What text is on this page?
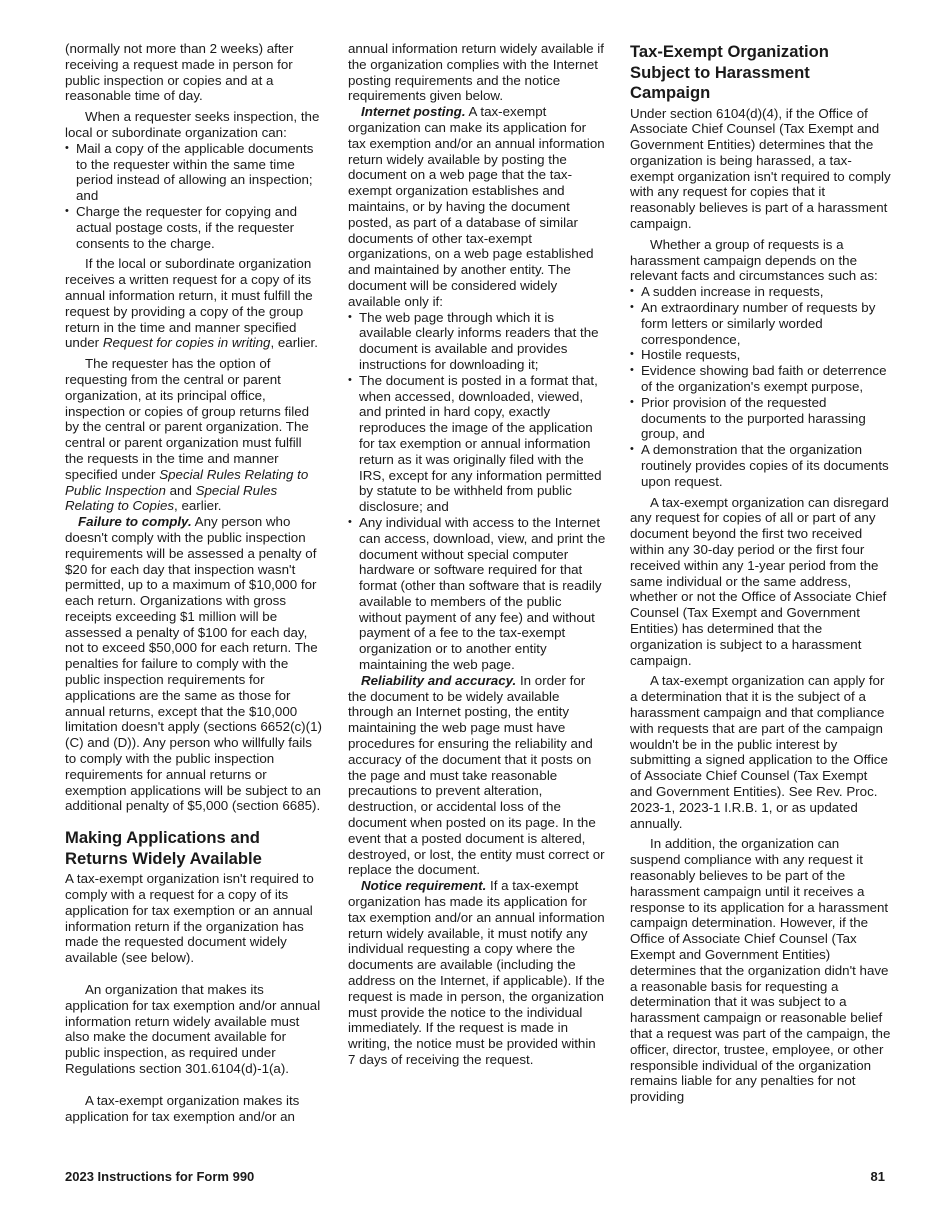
(normally not more than 2 weeks) after receiving a request made in person for public inspection or copies and at a reasonable time of day.

When a requester seeks inspection, the local or subordinate organization can:

• Mail a copy of the applicable documents to the requester within the same time period instead of allowing an inspection; and
• Charge the requester for copying and actual postage costs, if the requester consents to the charge.

If the local or subordinate organization receives a written request for a copy of its annual information return, it must fulfill the request by providing a copy of the group return in the time and manner specified under Request for copies in writing, earlier.

The requester has the option of requesting from the central or parent organization, at its principal office, inspection or copies of group returns filed by the central or parent organization. The central or parent organization must fulfill the requests in the time and manner specified under Special Rules Relating to Public Inspection and Special Rules Relating to Copies, earlier.

Failure to comply. Any person who doesn't comply with the public inspection requirements will be assessed a penalty of $20 for each day that inspection wasn't permitted, up to a maximum of $10,000 for each return. Organizations with gross receipts exceeding $1 million will be assessed a penalty of $100 for each day, not to exceed $50,000 for each return. The penalties for failure to comply with the public inspection requirements for applications are the same as those for annual returns, except that the $10,000 limitation doesn't apply (sections 6652(c)(1)(C) and (D)). Any person who willfully fails to comply with the public inspection requirements for annual returns or exemption applications will be subject to an additional penalty of $5,000 (section 6685).

Making Applications and Returns Widely Available

A tax-exempt organization isn't required to comply with a request for a copy of its application for tax exemption or an annual information return if the organization has made the requested document widely available (see below).

An organization that makes its application for tax exemption and/or annual information return widely available must also make the document available for public inspection, as required under Regulations section 301.6104(d)-1(a).

A tax-exempt organization makes its application for tax exemption and/or an

annual information return widely available if the organization complies with the Internet posting requirements and the notice requirements given below.

Internet posting. A tax-exempt organization can make its application for tax exemption and/or an annual information return widely available by posting the document on a web page that the tax-exempt organization establishes and maintains, or by having the document posted, as part of a database of similar documents of other tax-exempt organizations, on a web page established and maintained by another entity. The document will be considered widely available only if:

• The web page through which it is available clearly informs readers that the document is available and provides instructions for downloading it;
• The document is posted in a format that, when accessed, downloaded, viewed, and printed in hard copy, exactly reproduces the image of the application for tax exemption or annual information return as it was originally filed with the IRS, except for any information permitted by statute to be withheld from public disclosure; and
• Any individual with access to the Internet can access, download, view, and print the document without special computer hardware or software required for that format (other than software that is readily available to members of the public without payment of any fee) and without payment of a fee to the tax-exempt organization or to another entity maintaining the web page.

Reliability and accuracy. In order for the document to be widely available through an Internet posting, the entity maintaining the web page must have procedures for ensuring the reliability and accuracy of the document that it posts on the page and must take reasonable precautions to prevent alteration, destruction, or accidental loss of the document when posted on its page. In the event that a posted document is altered, destroyed, or lost, the entity must correct or replace the document.

Notice requirement. If a tax-exempt organization has made its application for tax exemption and/or an annual information return widely available, it must notify any individual requesting a copy where the documents are available (including the address on the Internet, if applicable). If the request is made in person, the organization must provide the notice to the individual immediately. If the request is made in writing, the notice must be provided within 7 days of receiving the request.

Tax-Exempt Organization Subject to Harassment Campaign

Under section 6104(d)(4), if the Office of Associate Chief Counsel (Tax Exempt and Government Entities) determines that the organization is being harassed, a tax-exempt organization isn't required to comply with any request for copies that it reasonably believes is part of a harassment campaign.

Whether a group of requests is a harassment campaign depends on the relevant facts and circumstances such as:

• A sudden increase in requests,
• An extraordinary number of requests by form letters or similarly worded correspondence,
• Hostile requests,
• Evidence showing bad faith or deterrence of the organization's exempt purpose,
• Prior provision of the requested documents to the purported harassing group, and
• A demonstration that the organization routinely provides copies of its documents upon request.

A tax-exempt organization can disregard any request for copies of all or part of any document beyond the first two received within any 30-day period or the first four received within any 1-year period from the same individual or the same address, whether or not the Office of Associate Chief Counsel (Tax Exempt and Government Entities) has determined that the organization is subject to a harassment campaign.

A tax-exempt organization can apply for a determination that it is the subject of a harassment campaign and that compliance with requests that are part of the campaign wouldn't be in the public interest by submitting a signed application to the Office of Associate Chief Counsel (Tax Exempt and Government Entities). See Rev. Proc. 2023-1, 2023-1 I.R.B. 1, or as updated annually.

In addition, the organization can suspend compliance with any request it reasonably believes to be part of the harassment campaign until it receives a response to its application for a harassment campaign determination. However, if the Office of Associate Chief Counsel (Tax Exempt and Government Entities) determines that the organization didn't have a reasonable basis for requesting a determination that it was subject to a harassment campaign or reasonable belief that a request was part of the campaign, the officer, director, trustee, employee, or other responsible individual of the organization remains liable for any penalties for not providing

2023 Instructions for Form 990	81
